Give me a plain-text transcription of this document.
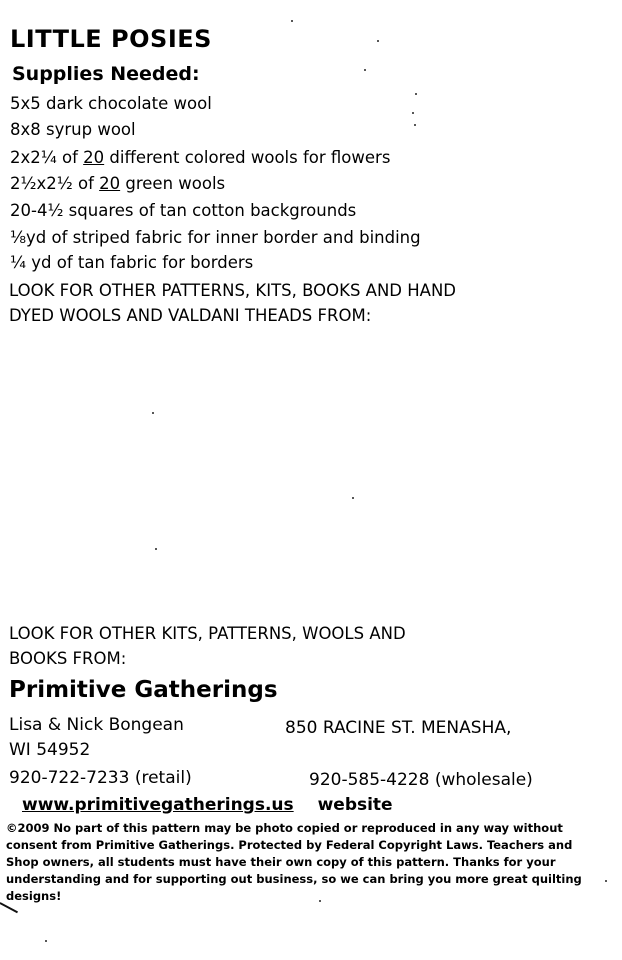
LITTLE POSIES
Supplies Needed:
5x5 dark chocolate wool
8x8 syrup wool
2x2¼ of 20 different colored wools for flowers
2½x2½ of 20 green wools
20-4½ squares of tan cotton backgrounds
⅛yd of striped fabric for inner border and binding
¼ yd of tan fabric for borders
LOOK FOR OTHER PATTERNS, KITS, BOOKS AND HAND
DYED WOOLS AND VALDANI THEADS FROM:
LOOK FOR OTHER KITS, PATTERNS, WOOLS AND
BOOKS FROM:
Primitive Gatherings
Lisa & Nick Bongean	850 RACINE ST. MENASHA,
WI 54952
920-722-7233 (retail)	920-585-4228 (wholesale)
www.primitivegatherings.us website
©2009 No part of this pattern may be photo copied or reproduced in any way without consent from Primitive Gatherings. Protected by Federal Copyright Laws. Teachers and Shop owners, all students must have their own copy of this pattern. Thanks for your understanding and for supporting out business, so we can bring you more great quilting designs!
